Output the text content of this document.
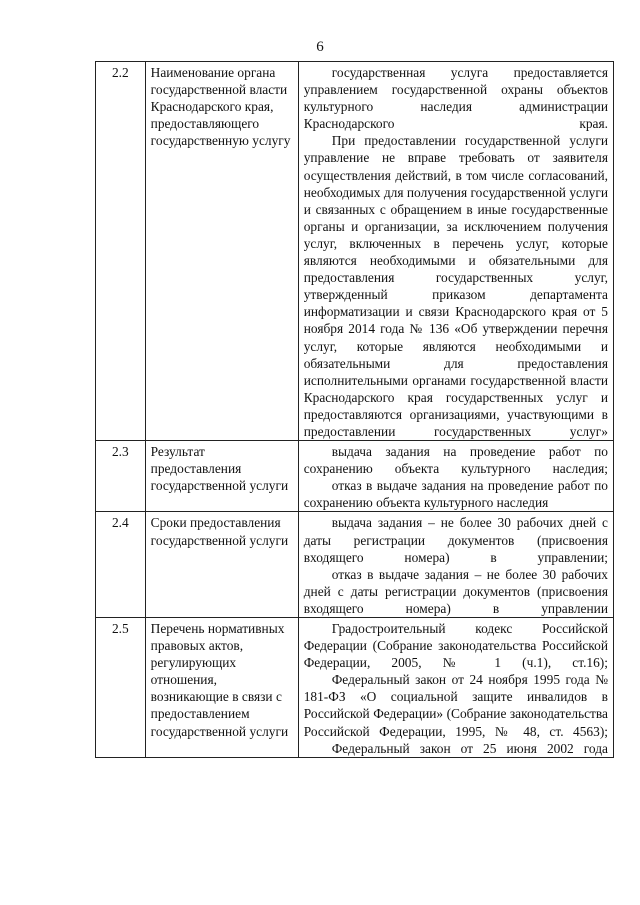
6
2.2	Наименование органа государственной власти Краснодарского края, предоставляющего государственную услугу	государственная услуга предоставляется управлением государственной охраны объектов культурного наследия администрации Краснодарского края.

При предоставлении государственной услуги управление не вправе требовать от заявителя осуществления действий, в том числе согласований, необходимых для получения государственной услуги и связанных с обращением в иные государственные органы и организации, за исключением получения услуг, включенных в перечень услуг, которые являются необходимыми и обязательными для предоставления государственных услуг, утвержденный приказом департамента информатизации и связи Краснодарского края от 5 ноября 2014 года № 136 «Об утверждении перечня услуг, которые являются необходимыми и обязательными для предоставления исполнительными органами государственной власти Краснодарского края государственных услуг и предоставляются организациями, участвующими в предоставлении государственных услуг»

2.3	Результат предоставления государственной услуги	выдача задания на проведение работ по сохранению объекта культурного наследия;

отказ в выдаче задания на проведение работ по сохранению объекта культурного наследия

2.4	Сроки предоставления государственной услуги	выдача задания – не более 30 рабочих дней с даты регистрации документов (присвоения входящего номера) в управлении;

отказ в выдаче задания – не более 30 рабочих дней с даты регистрации документов (присвоения входящего номера) в управлении

2.5	Перечень нормативных правовых актов, регулирующих отношения, возникающие в связи с предоставлением государственной услуги	Градостроительный кодекс Российской Федерации (Собрание законодательства Российской Федерации, 2005, № 1 (ч.1), ст.16);

Федеральный закон от 24 ноября 1995 года № 181-ФЗ «О социальной защите инвалидов в Российской Федерации» (Собрание законодательства Российской Федерации, 1995, № 48, ст. 4563);

Федеральный закон от 25 июня 2002 года
